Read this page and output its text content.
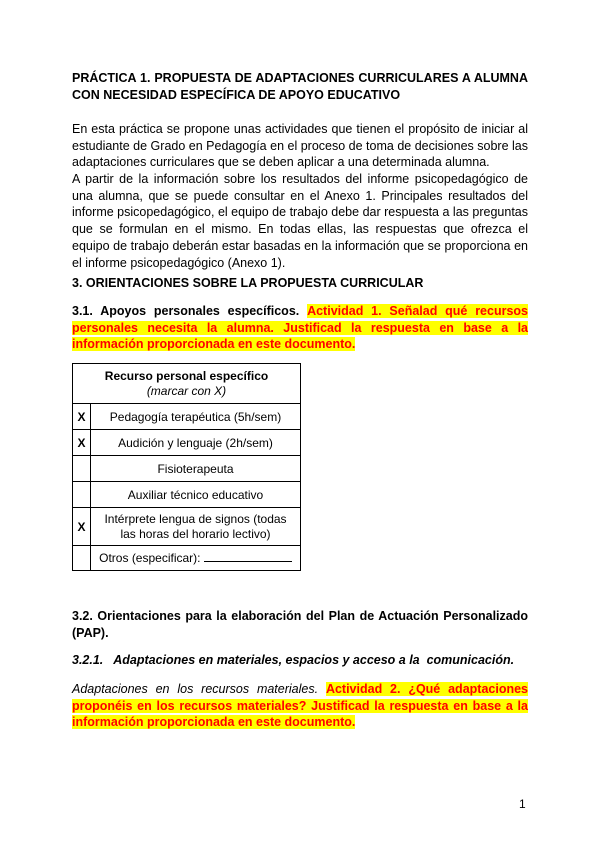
PRÁCTICA 1. PROPUESTA DE ADAPTACIONES CURRICULARES A ALUMNA CON NECESIDAD ESPECÍFICA DE APOYO EDUCATIVO

En esta práctica se propone unas actividades que tienen el propósito de iniciar al estudiante de Grado en Pedagogía en el proceso de toma de decisiones sobre las adaptaciones curriculares que se deben aplicar a una determinada alumna.

A partir de la información sobre los resultados del informe psicopedagógico de una alumna, que se puede consultar en el Anexo 1. Principales resultados del informe psicopedagógico, el equipo de trabajo debe dar respuesta a las preguntas que se formulan en el mismo. En todas ellas, las respuestas que ofrezca el equipo de trabajo deberán estar basadas en la información que se proporciona en el informe psicopedagógico (Anexo 1).

3. ORIENTACIONES SOBRE LA PROPUESTA CURRICULAR
3.1. Apoyos personales específicos. Actividad 1. Señalad qué recursos personales necesita la alumna. Justificad la respuesta en base a la información proporcionada en este documento.
Recurso personal específico
(marcar con X)	
X	Pedagogía terapéutica (5h/sem)
X	Audición y lenguaje (2h/sem)
	Fisioterapeuta
	Auxiliar técnico educativo
X	Intérprete lengua de signos (todas las horas del horario lectivo)
	Otros (especificar):
3.2. Orientaciones para la elaboración del Plan de Actuación Personalizado (PAP).
3.2.1.   Adaptaciones en materiales, espacios y acceso a la  comunicación.
Adaptaciones en los recursos materiales. Actividad 2. ¿Qué adaptaciones proponéis en los recursos materiales? Justificad la respuesta en base a la información proporcionada en este documento.
1
